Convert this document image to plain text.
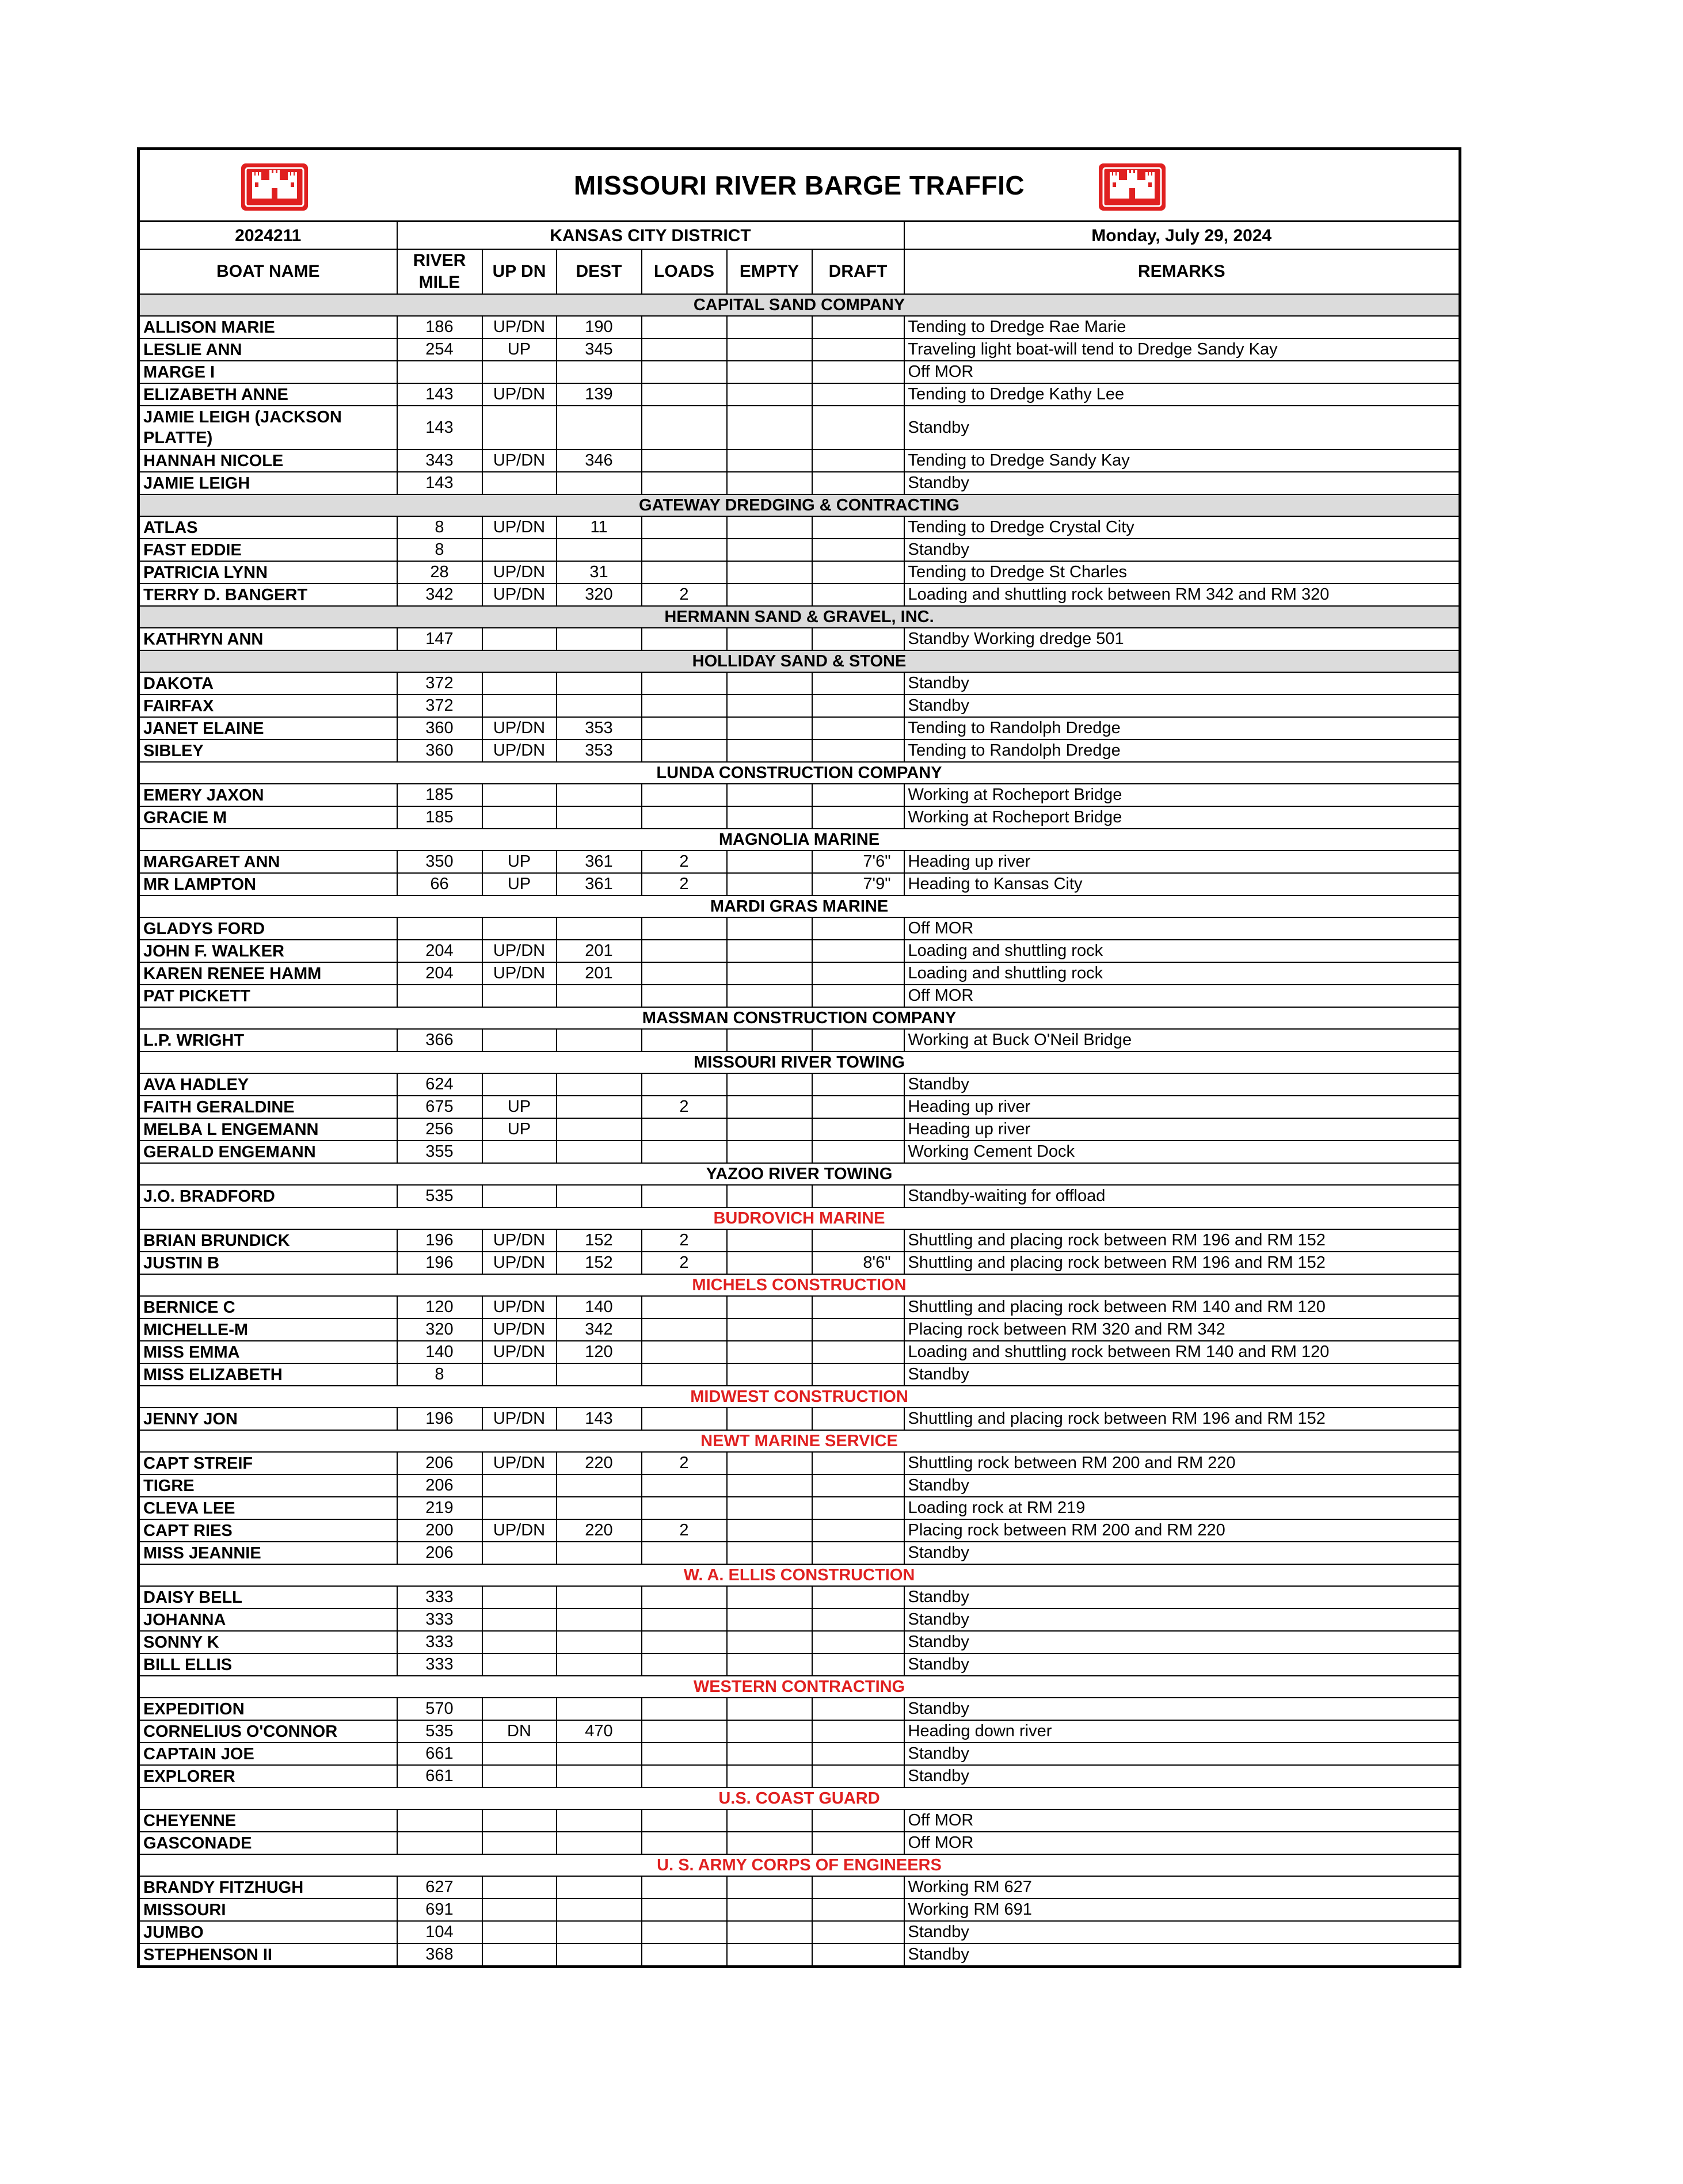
MISSOURI RIVER BARGE TRAFFIC							

2024211	KANSAS CITY DISTRICT						Monday, July 29, 2024
BOAT NAME	RIVER MILE	UP DN	DEST	LOADS	EMPTY	DRAFT	REMARKS
CAPITAL SAND COMPANY							
ALLISON MARIE	186	UP/DN	190				Tending to Dredge Rae Marie
LESLIE ANN	254	UP	345				Traveling light boat-will tend to Dredge Sandy Kay
MARGE I							Off MOR
ELIZABETH ANNE	143	UP/DN	139				Tending to Dredge Kathy Lee
JAMIE LEIGH (JACKSON PLATTE)	143						Standby
HANNAH NICOLE	343	UP/DN	346				Tending to Dredge Sandy Kay
JAMIE LEIGH	143						Standby
GATEWAY DREDGING & CONTRACTING							
ATLAS	8	UP/DN	11				Tending to Dredge Crystal City
FAST EDDIE	8						Standby
PATRICIA LYNN	28	UP/DN	31				Tending to Dredge St Charles
TERRY D. BANGERT	342	UP/DN	320	2			Loading and shuttling rock between RM 342 and RM 320
HERMANN SAND & GRAVEL, INC.							
KATHRYN ANN	147						Standby Working dredge 501
HOLLIDAY SAND & STONE							
DAKOTA	372						Standby
FAIRFAX	372						Standby
JANET ELAINE	360	UP/DN	353				Tending to Randolph Dredge
SIBLEY	360	UP/DN	353				Tending to Randolph Dredge
LUNDA CONSTRUCTION COMPANY							
EMERY JAXON	185						Working at Rocheport Bridge
GRACIE M	185						Working at Rocheport Bridge
MAGNOLIA MARINE							
MARGARET ANN	350	UP	361	2		7'6"	Heading up river
MR LAMPTON	66	UP	361	2		7'9"	Heading to Kansas City
MARDI GRAS MARINE							
GLADYS FORD							Off MOR
JOHN F. WALKER	204	UP/DN	201				Loading and shuttling rock
KAREN RENEE HAMM	204	UP/DN	201				Loading and shuttling rock
PAT PICKETT							Off MOR
MASSMAN CONSTRUCTION COMPANY							
L.P. WRIGHT	366						Working at Buck O'Neil Bridge
MISSOURI RIVER TOWING							
AVA HADLEY	624						Standby
FAITH GERALDINE	675	UP		2			Heading up river
MELBA L ENGEMANN	256	UP					Heading up river
GERALD ENGEMANN	355						Working Cement Dock
YAZOO RIVER TOWING							
J.O. BRADFORD	535						Standby-waiting for offload
BUDROVICH MARINE							
BRIAN BRUNDICK	196	UP/DN	152	2			Shuttling and placing rock between RM 196 and RM 152
JUSTIN B	196	UP/DN	152	2		8'6"	Shuttling and placing rock between RM 196 and RM 152
MICHELS CONSTRUCTION							
BERNICE C	120	UP/DN	140				Shuttling and placing rock between RM 140 and RM 120
MICHELLE-M	320	UP/DN	342				Placing rock between RM 320 and RM 342
MISS EMMA	140	UP/DN	120				Loading and shuttling rock between RM 140 and RM 120
MISS ELIZABETH	8						Standby
MIDWEST CONSTRUCTION							
JENNY JON	196	UP/DN	143				Shuttling and placing rock between RM 196 and RM 152
NEWT MARINE SERVICE							
CAPT STREIF	206	UP/DN	220	2			Shuttling rock between RM 200 and RM 220
TIGRE	206						Standby
CLEVA LEE	219						Loading rock at RM 219
CAPT RIES	200	UP/DN	220	2			Placing rock between RM 200 and RM 220
MISS JEANNIE	206						Standby
W. A. ELLIS CONSTRUCTION							
DAISY BELL	333						Standby
JOHANNA	333						Standby
SONNY K	333						Standby
BILL ELLIS	333						Standby
WESTERN CONTRACTING							
EXPEDITION	570						Standby
CORNELIUS O'CONNOR	535	DN	470				Heading down river
CAPTAIN JOE	661						Standby
EXPLORER	661						Standby
U.S. COAST GUARD							
CHEYENNE							Off MOR
GASCONADE							Off MOR
U. S. ARMY CORPS OF ENGINEERS							
BRANDY FITZHUGH	627						Working RM 627
MISSOURI	691						Working RM 691
JUMBO	104						Standby
STEPHENSON II	368						Standby
